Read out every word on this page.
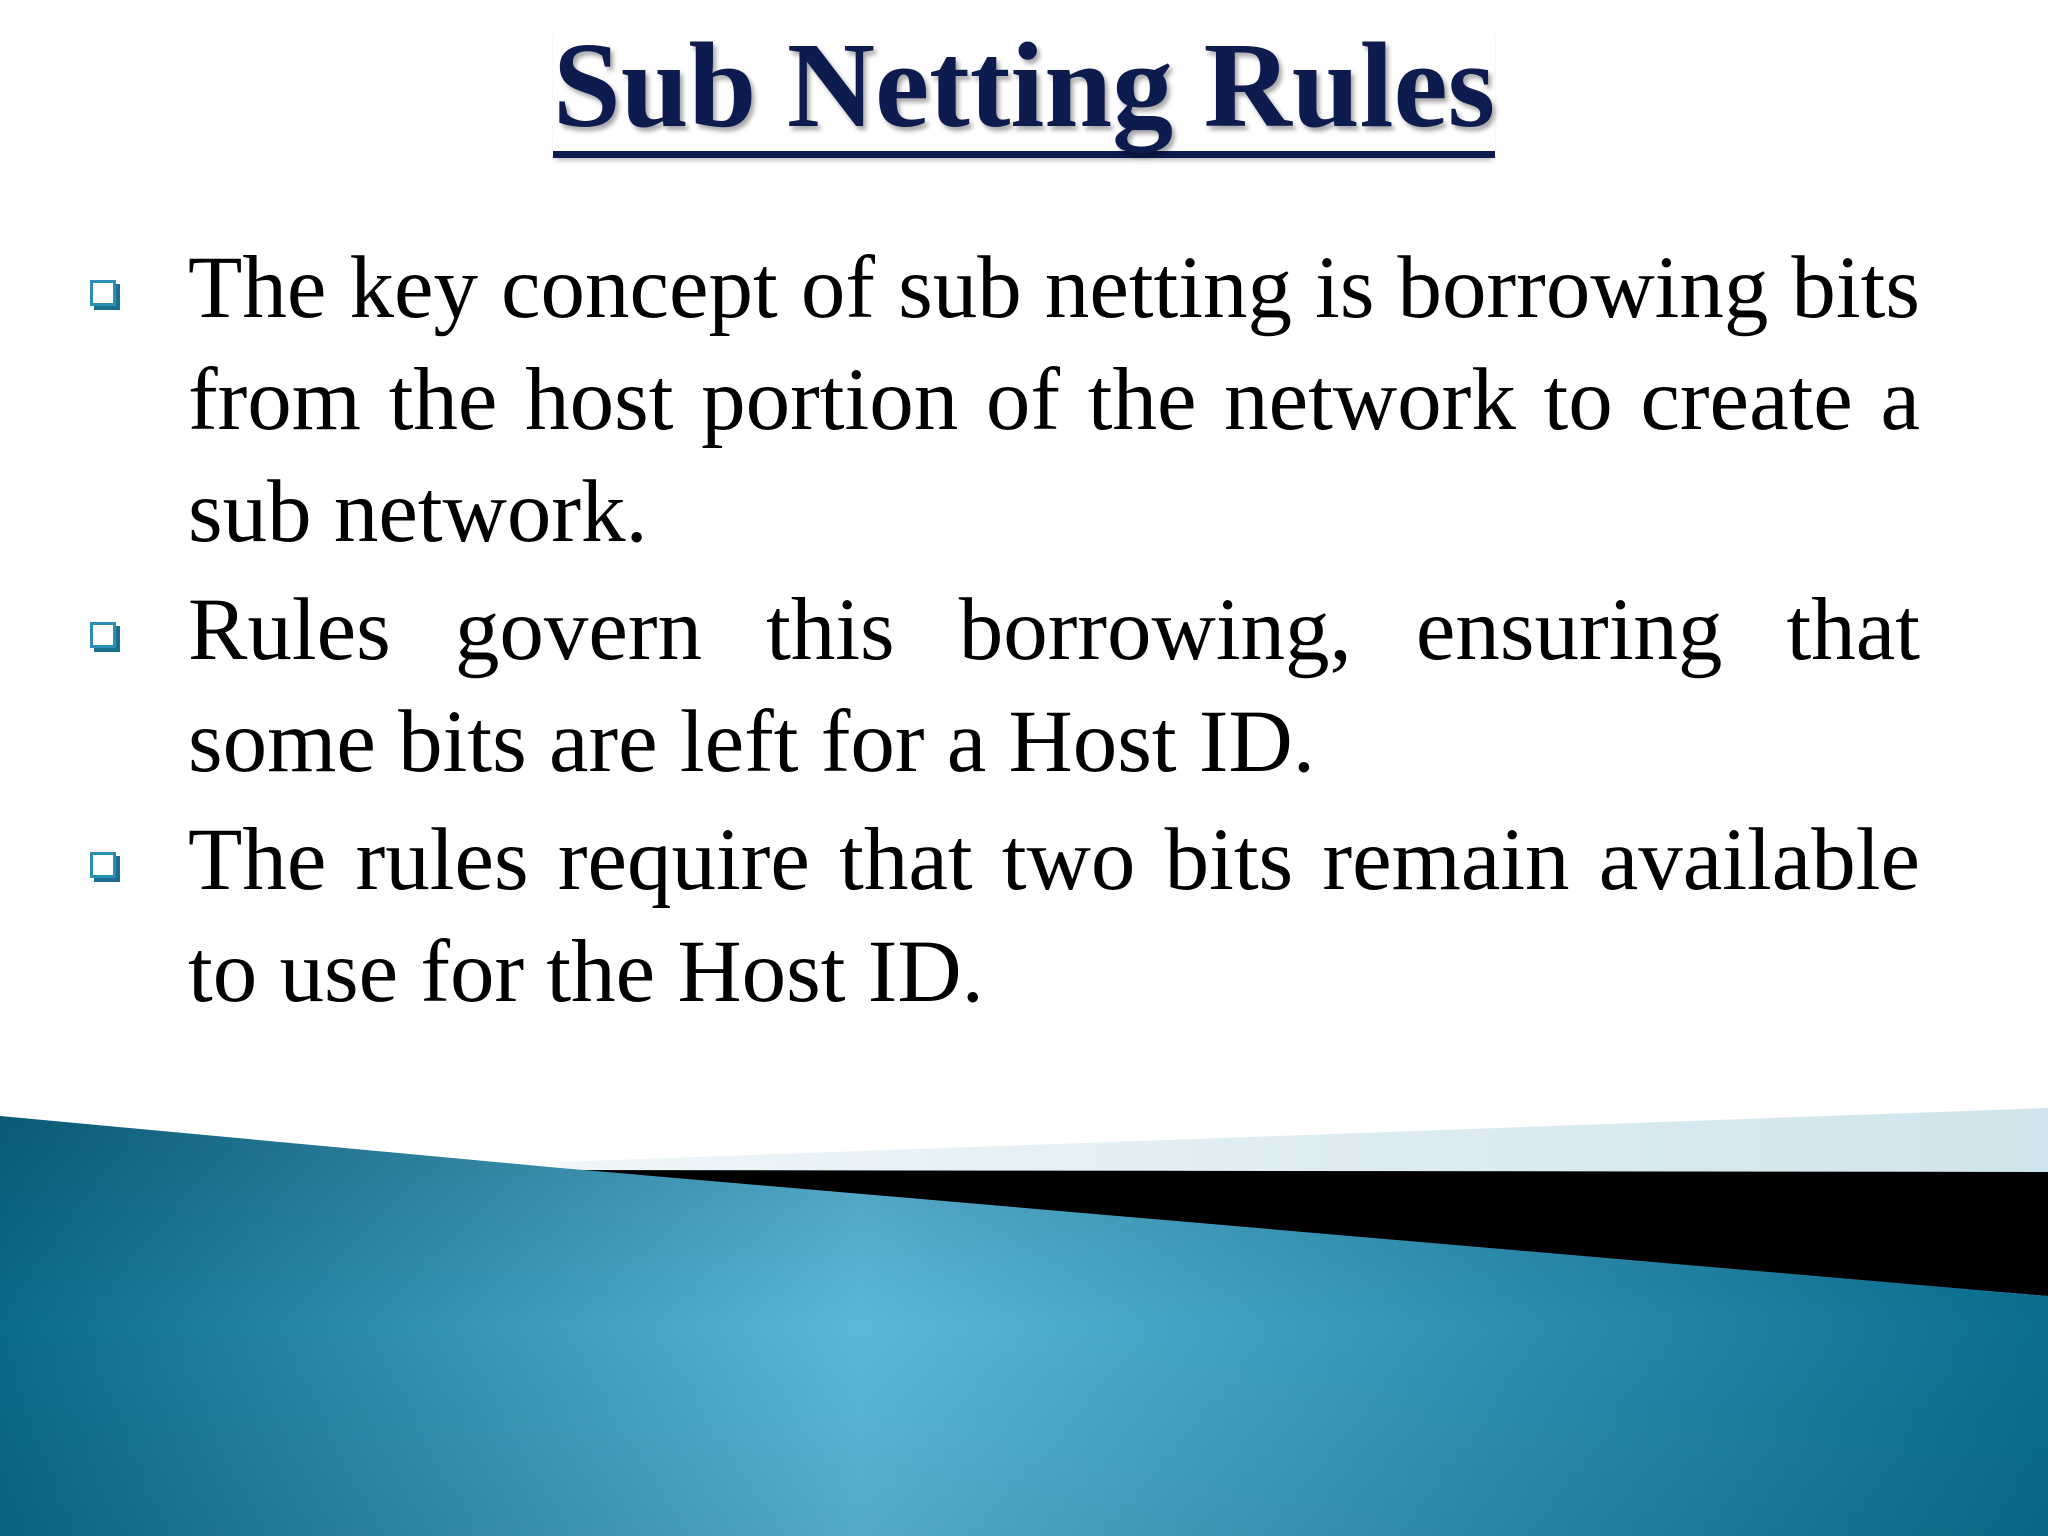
Sub Netting Rules
The key concept of sub netting is borrowing bits from the host portion of the network to create a sub network.
Rules govern this borrowing, ensuring that some bits are left for a Host ID.
The rules require that two bits remain available to use for the Host ID.
